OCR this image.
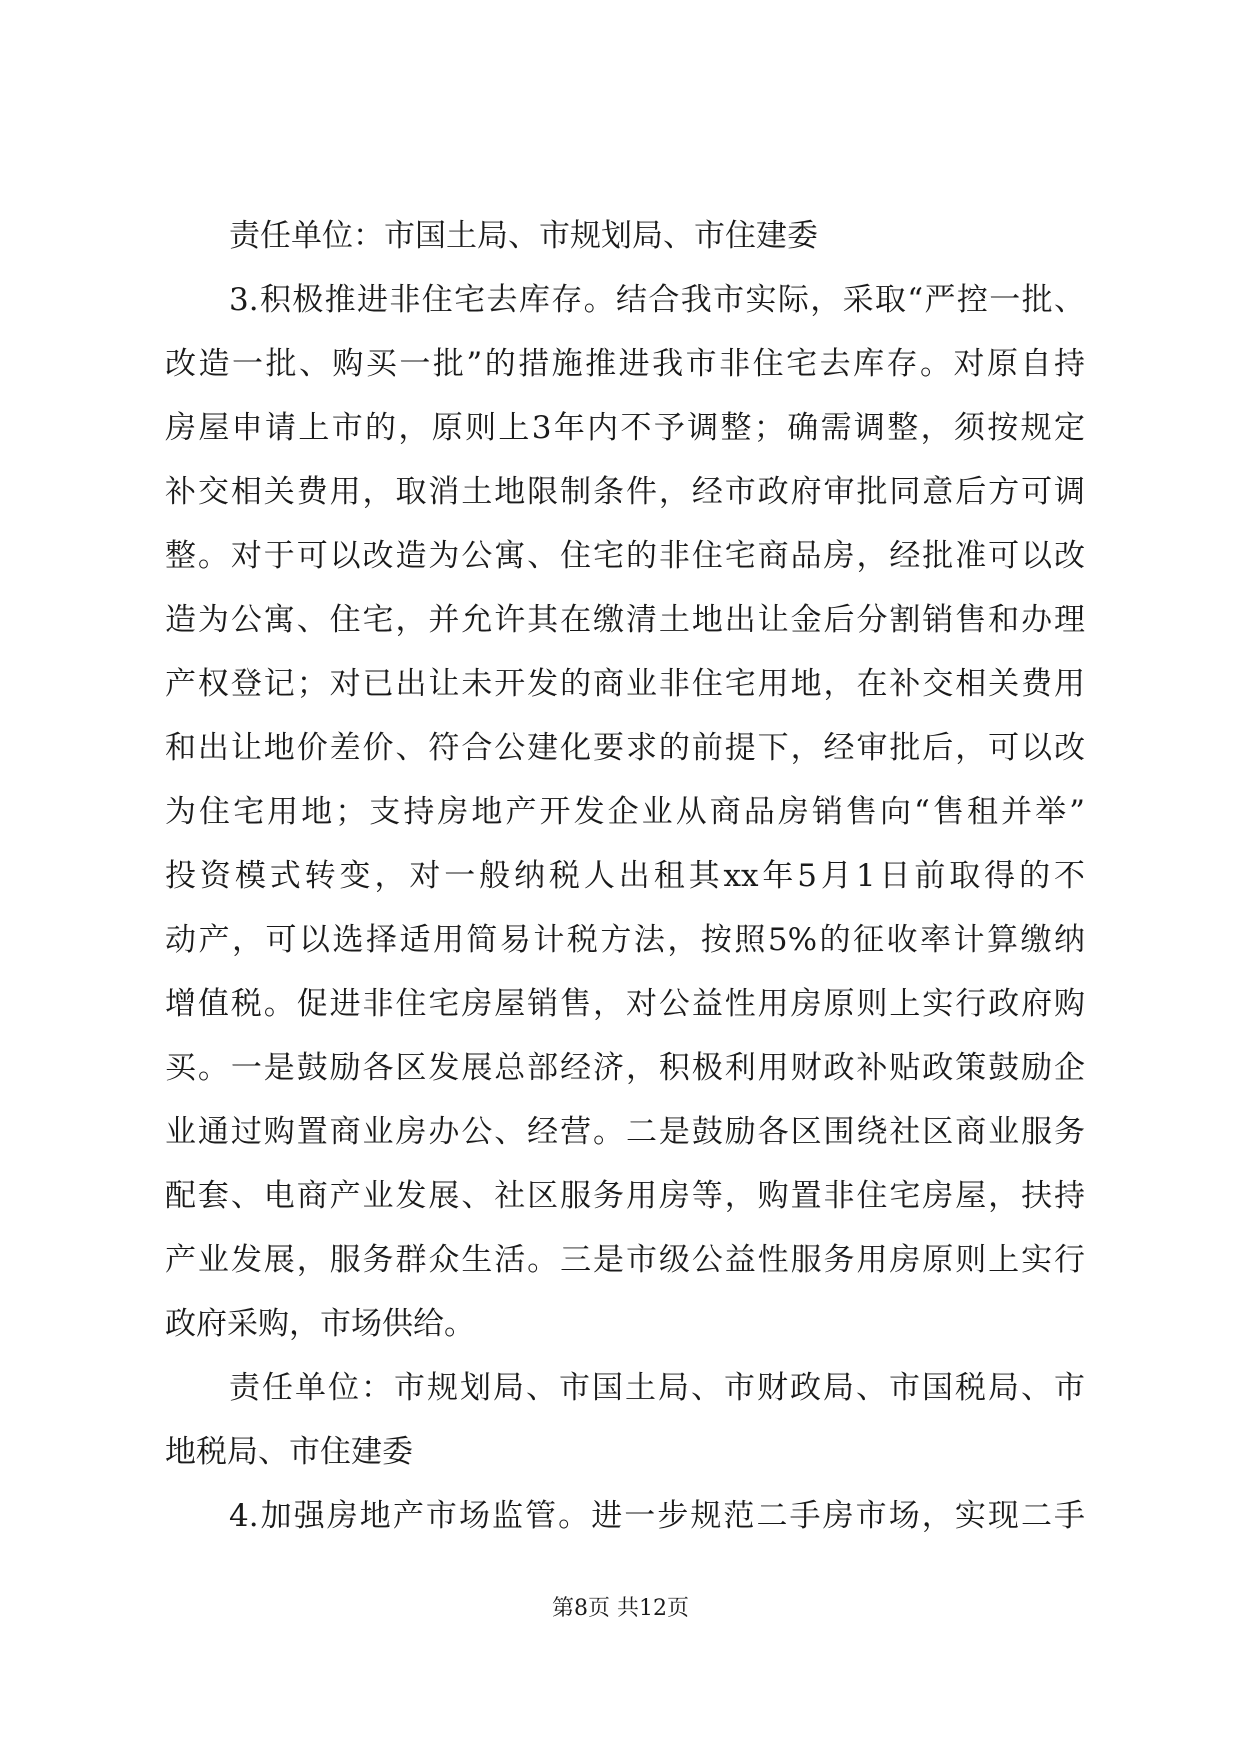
责任单位：市国土局、市规划局、市住建委
3.积极推进非住宅去库存。结合我市实际，采取“严控一批、
改造一批、购买一批”的措施推进我市非住宅去库存。对原自持
房屋申请上市的，原则上3年内不予调整；确需调整，须按规定
补交相关费用，取消土地限制条件，经市政府审批同意后方可调
整。对于可以改造为公寓、住宅的非住宅商品房，经批准可以改
造为公寓、住宅，并允许其在缴清土地出让金后分割销售和办理
产权登记；对已出让未开发的商业非住宅用地，在补交相关费用
和出让地价差价、符合公建化要求的前提下，经审批后，可以改
为住宅用地；支持房地产开发企业从商品房销售向“售租并举”
投资模式转变，对一般纳税人出租其xx年5月1日前取得的不
动产，可以选择适用简易计税方法，按照5%的征收率计算缴纳
增值税。促进非住宅房屋销售，对公益性用房原则上实行政府购
买。一是鼓励各区发展总部经济，积极利用财政补贴政策鼓励企
业通过购置商业房办公、经营。二是鼓励各区围绕社区商业服务
配套、电商产业发展、社区服务用房等，购置非住宅房屋，扶持
产业发展，服务群众生活。三是市级公益性服务用房原则上实行
政府采购，市场供给。
责任单位：市规划局、市国土局、市财政局、市国税局、市
地税局、市住建委
4.加强房地产市场监管。进一步规范二手房市场，实现二手
第8页 共12页
